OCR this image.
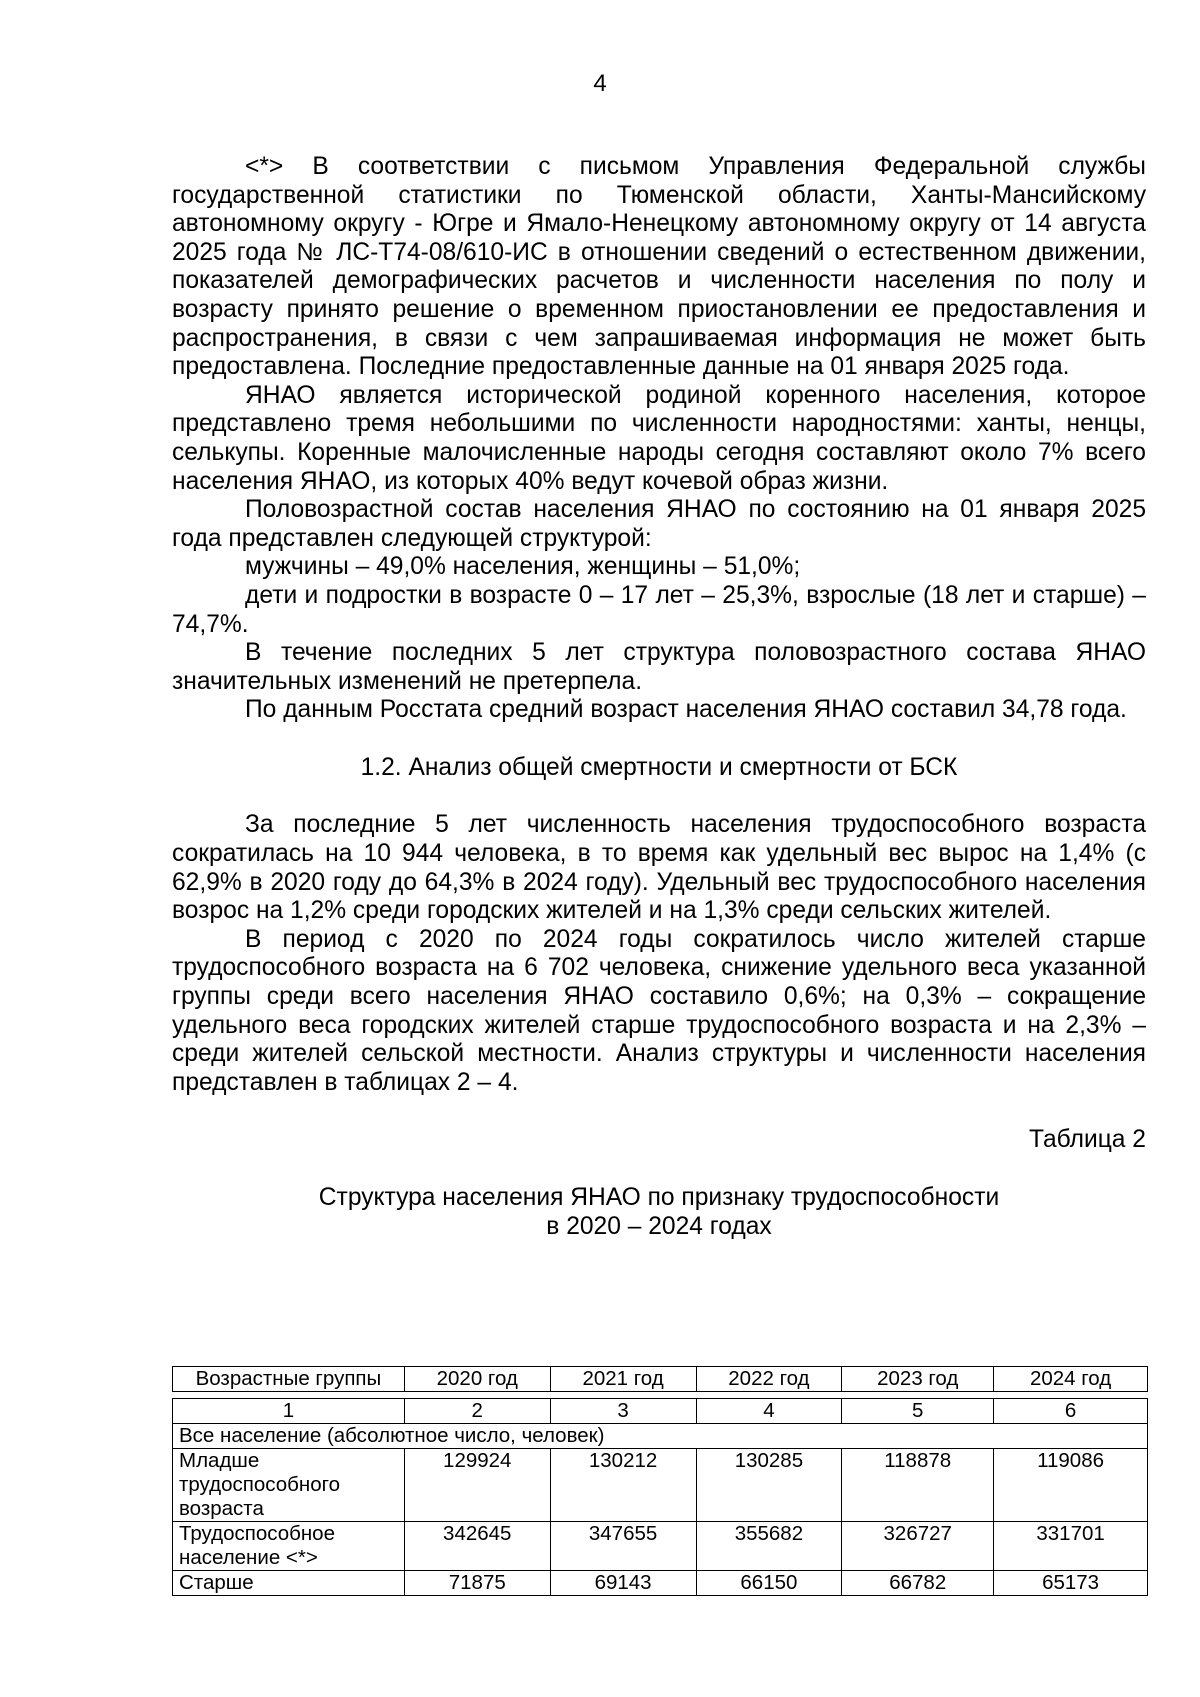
4

<*> В соответствии с письмом Управления Федеральной службы государственной статистики по Тюменской области, Ханты-Мансийскому автономному округу - Югре и Ямало-Ненецкому автономному округу от 14 августа 2025 года № ЛС-Т74-08/610-ИС в отношении сведений о естественном движении, показателей демографических расчетов и численности населения по полу и возрасту принято решение о временном приостановлении ее предоставления и распространения, в связи с чем запрашиваемая информация не может быть предоставлена. Последние предоставленные данные на 01 января 2025 года.

ЯНАО является исторической родиной коренного населения, которое представлено тремя небольшими по численности народностями: ханты, ненцы, селькупы. Коренные малочисленные народы сегодня составляют около 7% всего населения ЯНАО, из которых 40% ведут кочевой образ жизни.

Половозрастной состав населения ЯНАО по состоянию на 01 января 2025 года представлен следующей структурой:

мужчины – 49,0% населения, женщины – 51,0%;

дети и подростки в возрасте 0 – 17 лет – 25,3%, взрослые (18 лет и старше) – 74,7%.

В течение последних 5 лет структура половозрастного состава ЯНАО значительных изменений не претерпела.

По данным Росстата средний возраст населения ЯНАО составил 34,78 года.

1.2. Анализ общей смертности и смертности от БСК

За последние 5 лет численность населения трудоспособного возраста сократилась на 10 944 человека, в то время как удельный вес вырос на 1,4% (с 62,9% в 2020 году до 64,3% в 2024 году). Удельный вес трудоспособного населения возрос на 1,2% среди городских жителей и на 1,3% среди сельских жителей.

В период с 2020 по 2024 годы сократилось число жителей старше трудоспособного возраста на 6 702 человека, снижение удельного веса указанной группы среди всего населения ЯНАО составило 0,6%; на 0,3% – сокращение удельного веса городских жителей старше трудоспособного возраста и на 2,3% – среди жителей сельской местности. Анализ структуры и численности населения представлен в таблицах 2 – 4.

Таблица 2

Структура населения ЯНАО по признаку трудоспособности
в 2020 – 2024 годах

Возрастные группы	2020 год	2021 год	2022 год	2023 год	2024 год

1	2	3	4	5	6
Все население (абсолютное число, человек)					
Младше трудоспособного возраста	129924	130212	130285	118878	119086
Трудоспособное население <*>	342645	347655	355682	326727	331701
Старше	71875	69143	66150	66782	65173
